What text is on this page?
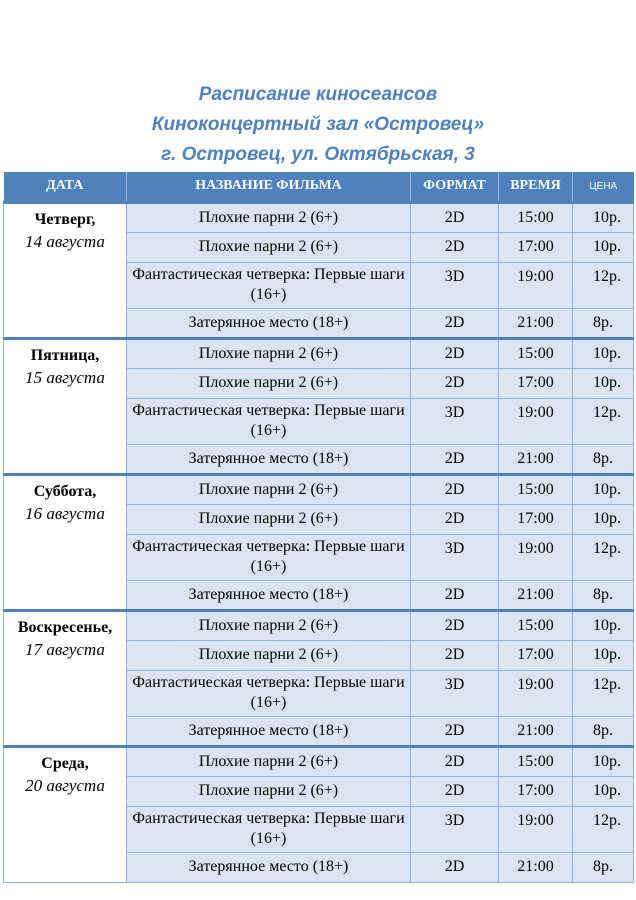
Расписание киносеансов
Киноконцертный зал «Островец»
г. Островец, ул. Октябрьская, 3
ДАТА	НАЗВАНИЕ ФИЛЬМА	ФОРМАТ	ВРЕМЯ	ЦЕНА

Четверг,
14 августа	Плохие парни 2 (6+)	2D	15:00	10р.
	Плохие парни 2 (6+)	2D	17:00	10р.
	Фантастическая четверка: Первые шаги (16+)	3D	19:00	12р.
	Затерянное место (18+)	2D	21:00	8р.

Пятница,
15 августа	Плохие парни 2 (6+)	2D	15:00	10р.
	Плохие парни 2 (6+)	2D	17:00	10р.
	Фантастическая четверка: Первые шаги (16+)	3D	19:00	12р.
	Затерянное место (18+)	2D	21:00	8р.

Суббота,
16 августа	Плохие парни 2 (6+)	2D	15:00	10р.
	Плохие парни 2 (6+)	2D	17:00	10р.
	Фантастическая четверка: Первые шаги (16+)	3D	19:00	12р.
	Затерянное место (18+)	2D	21:00	8р.

Воскресенье,
17 августа	Плохие парни 2 (6+)	2D	15:00	10р.
	Плохие парни 2 (6+)	2D	17:00	10р.
	Фантастическая четверка: Первые шаги (16+)	3D	19:00	12р.
	Затерянное место (18+)	2D	21:00	8р.

Среда,
20 августа	Плохие парни 2 (6+)	2D	15:00	10р.
	Плохие парни 2 (6+)	2D	17:00	10р.
	Фантастическая четверка: Первые шаги (16+)	3D	19:00	12р.
	Затерянное место (18+)	2D	21:00	8р.
